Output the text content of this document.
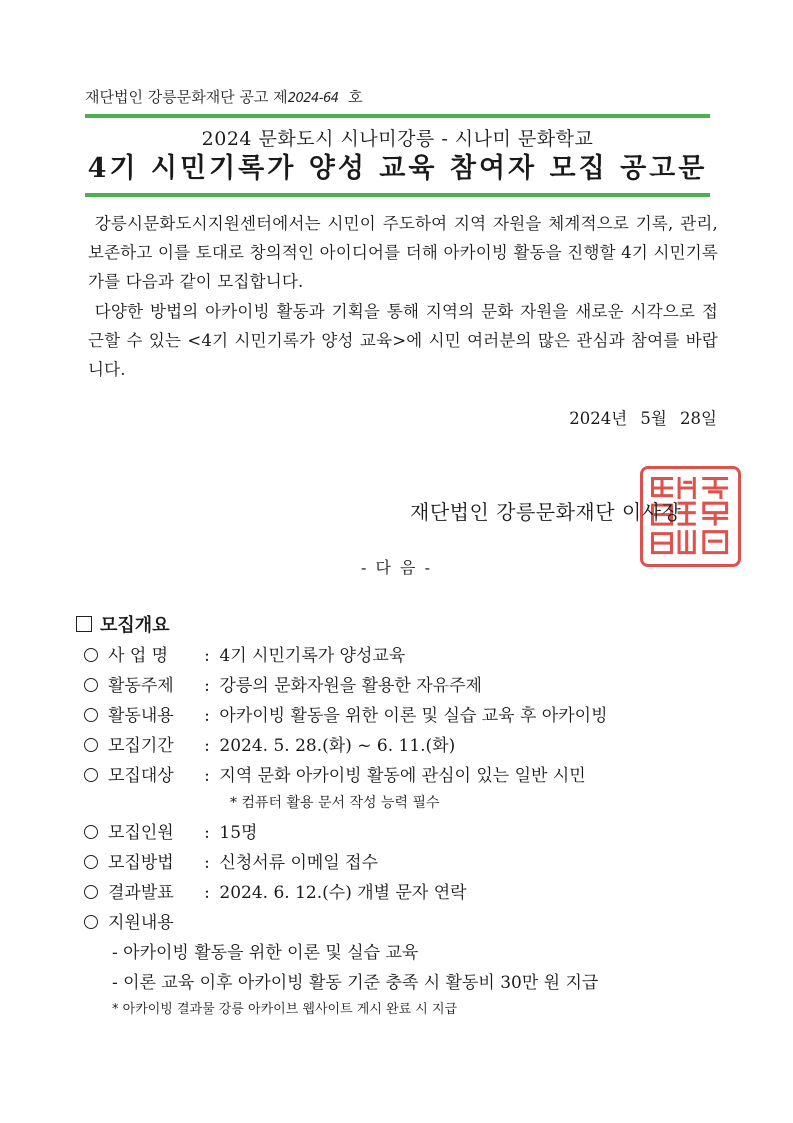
재단법인 강릉문화재단 공고 제2024-64 호
2024 문화도시 시나미강릉 - 시나미 문화학교
4기 시민기록가 양성 교육 참여자 모집 공고문

강릉시문화도시지원센터에서는 시민이 주도하여 지역 자원을 체계적으로 기록, 관리, 보존하고 이를 토대로 창의적인 아이디어를 더해 아카이빙 활동을 진행할 4기 시민기록가를 다음과 같이 모집합니다.

다양한 방법의 아카이빙 활동과 기획을 통해 지역의 문화 자원을 새로운 시각으로 접근할 수 있는 <4기 시민기록가 양성 교육>에 시민 여러분의 많은 관심과 참여를 바랍니다.

2024년 5월 28일
재단법인 강릉문화재단 이사장
- 다 음 -
모집개요
사 업 명 : 4기 시민기록가 양성교육
활동주제 : 강릉의 문화자원을 활용한 자유주제
활동내용 : 아카이빙 활동을 위한 이론 및 실습 교육 후 아카이빙
모집기간 : 2024. 5. 28.(화) ~ 6. 11.(화)
모집대상 : 지역 문화 아카이빙 활동에 관심이 있는 일반 시민
* 컴퓨터 활용 문서 작성 능력 필수
모집인원 : 15명
모집방법 : 신청서류 이메일 접수
결과발표 : 2024. 6. 12.(수) 개별 문자 연락
지원내용
- 아카이빙 활동을 위한 이론 및 실습 교육
- 이론 교육 이후 아카이빙 활동 기준 충족 시 활동비 30만 원 지급
* 아카이빙 결과물 강릉 아카이브 웹사이트 게시 완료 시 지급
